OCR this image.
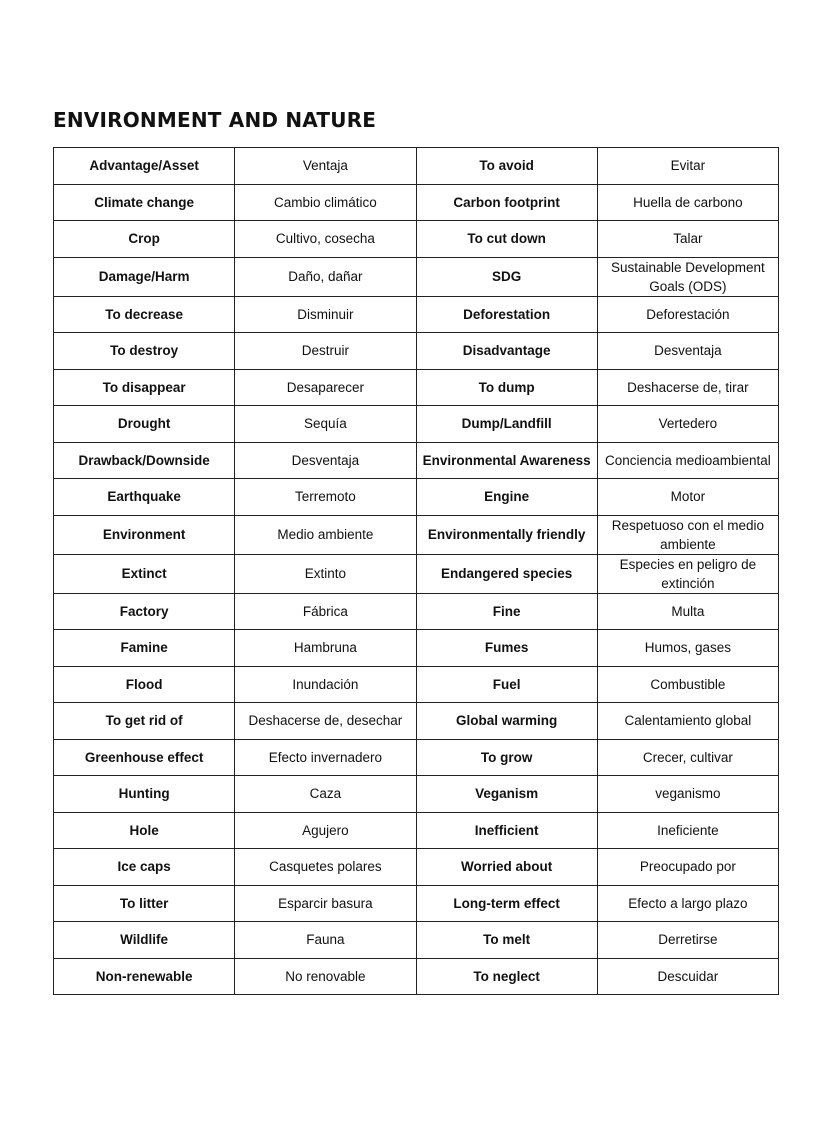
ENVIRONMENT AND NATURE
Advantage/Asset	Ventaja	To avoid	Evitar
Climate change	Cambio climático	Carbon footprint	Huella de carbono
Crop	Cultivo, cosecha	To cut down	Talar
Damage/Harm	Daño, dañar	SDG	Sustainable Development Goals (ODS)
To decrease	Disminuir	Deforestation	Deforestación
To destroy	Destruir	Disadvantage	Desventaja
To disappear	Desaparecer	To dump	Deshacerse de, tirar
Drought	Sequía	Dump/Landfill	Vertedero
Drawback/Downside	Desventaja	Environmental Awareness	Conciencia medioambiental
Earthquake	Terremoto	Engine	Motor
Environment	Medio ambiente	Environmentally friendly	Respetuoso con el medio ambiente
Extinct	Extinto	Endangered species	Especies en peligro de extinción
Factory	Fábrica	Fine	Multa
Famine	Hambruna	Fumes	Humos, gases
Flood	Inundación	Fuel	Combustible
To get rid of	Deshacerse de, desechar	Global warming	Calentamiento global
Greenhouse effect	Efecto invernadero	To grow	Crecer, cultivar
Hunting	Caza	Veganism	veganismo
Hole	Agujero	Inefficient	Ineficiente
Ice caps	Casquetes polares	Worried about	Preocupado por
To litter	Esparcir basura	Long-term effect	Efecto a largo plazo
Wildlife	Fauna	To melt	Derretirse
Non-renewable	No renovable	To neglect	Descuidar
